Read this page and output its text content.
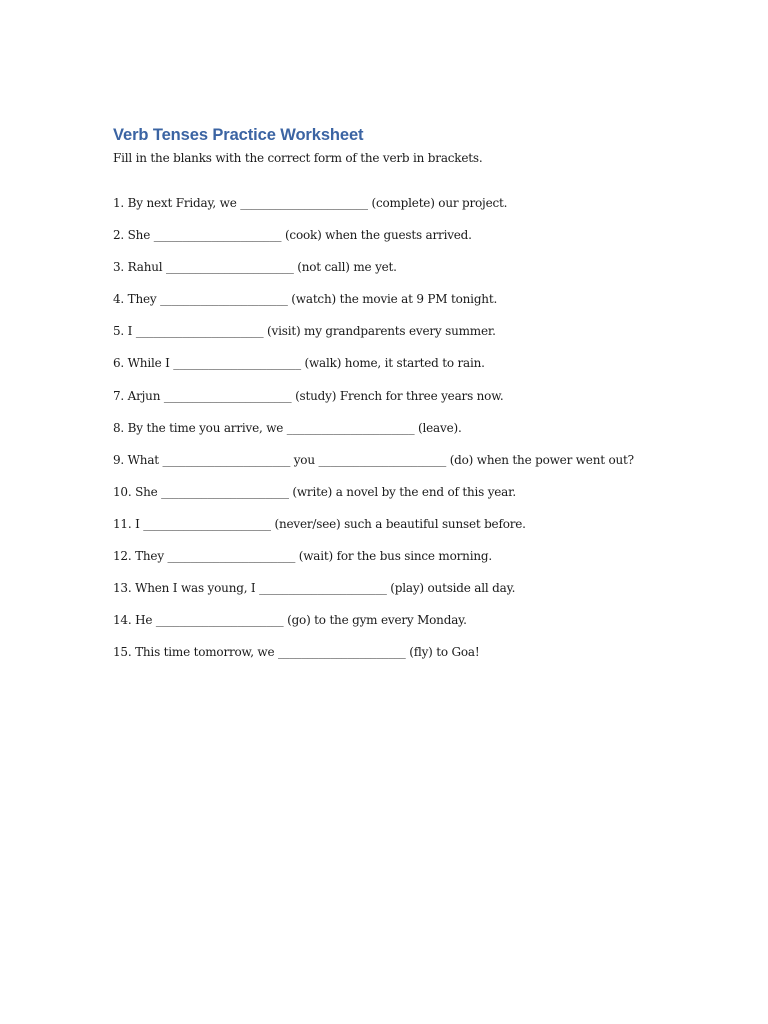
Verb Tenses Practice Worksheet

Fill in the blanks with the correct form of the verb in brackets.

1. By next Friday, we ______________________ (complete) our project.
2. She ______________________ (cook) when the guests arrived.
3. Rahul ______________________ (not call) me yet.
4. They ______________________ (watch) the movie at 9 PM tonight.
5. I ______________________ (visit) my grandparents every summer.
6. While I ______________________ (walk) home, it started to rain.
7. Arjun ______________________ (study) French for three years now.
8. By the time you arrive, we ______________________ (leave).
9. What ______________________ you ______________________ (do) when the power went out?
10. She ______________________ (write) a novel by the end of this year.
11. I ______________________ (never/see) such a beautiful sunset before.
12. They ______________________ (wait) for the bus since morning.
13. When I was young, I ______________________ (play) outside all day.
14. He ______________________ (go) to the gym every Monday.
15. This time tomorrow, we ______________________ (fly) to Goa!
